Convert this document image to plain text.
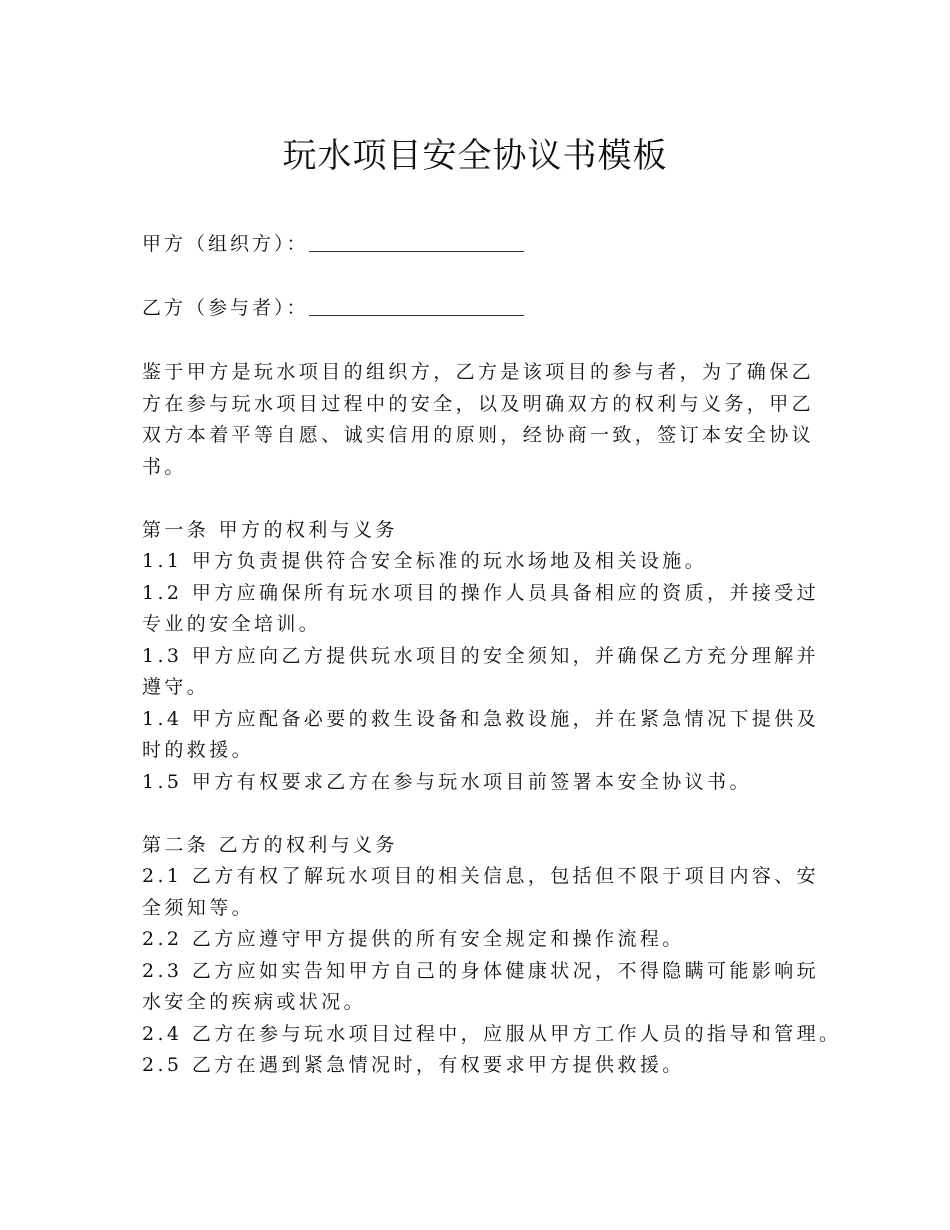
玩水项目安全协议书模板
甲方（组织方）：
乙方（参与者）：
鉴于甲方是玩水项目的组织方，乙方是该项目的参与者，为了确保乙
方在参与玩水项目过程中的安全，以及明确双方的权利与义务，甲乙
双方本着平等自愿、诚实信用的原则，经协商一致，签订本安全协议
书。
第一条 甲方的权利与义务
1.1 甲方负责提供符合安全标准的玩水场地及相关设施。
1.2 甲方应确保所有玩水项目的操作人员具备相应的资质，并接受过
专业的安全培训。
1.3 甲方应向乙方提供玩水项目的安全须知，并确保乙方充分理解并
遵守。
1.4 甲方应配备必要的救生设备和急救设施，并在紧急情况下提供及
时的救援。
1.5 甲方有权要求乙方在参与玩水项目前签署本安全协议书。
第二条 乙方的权利与义务
2.1 乙方有权了解玩水项目的相关信息，包括但不限于项目内容、安
全须知等。
2.2 乙方应遵守甲方提供的所有安全规定和操作流程。
2.3 乙方应如实告知甲方自己的身体健康状况，不得隐瞒可能影响玩
水安全的疾病或状况。
2.4 乙方在参与玩水项目过程中，应服从甲方工作人员的指导和管理。
2.5 乙方在遇到紧急情况时，有权要求甲方提供救援。
